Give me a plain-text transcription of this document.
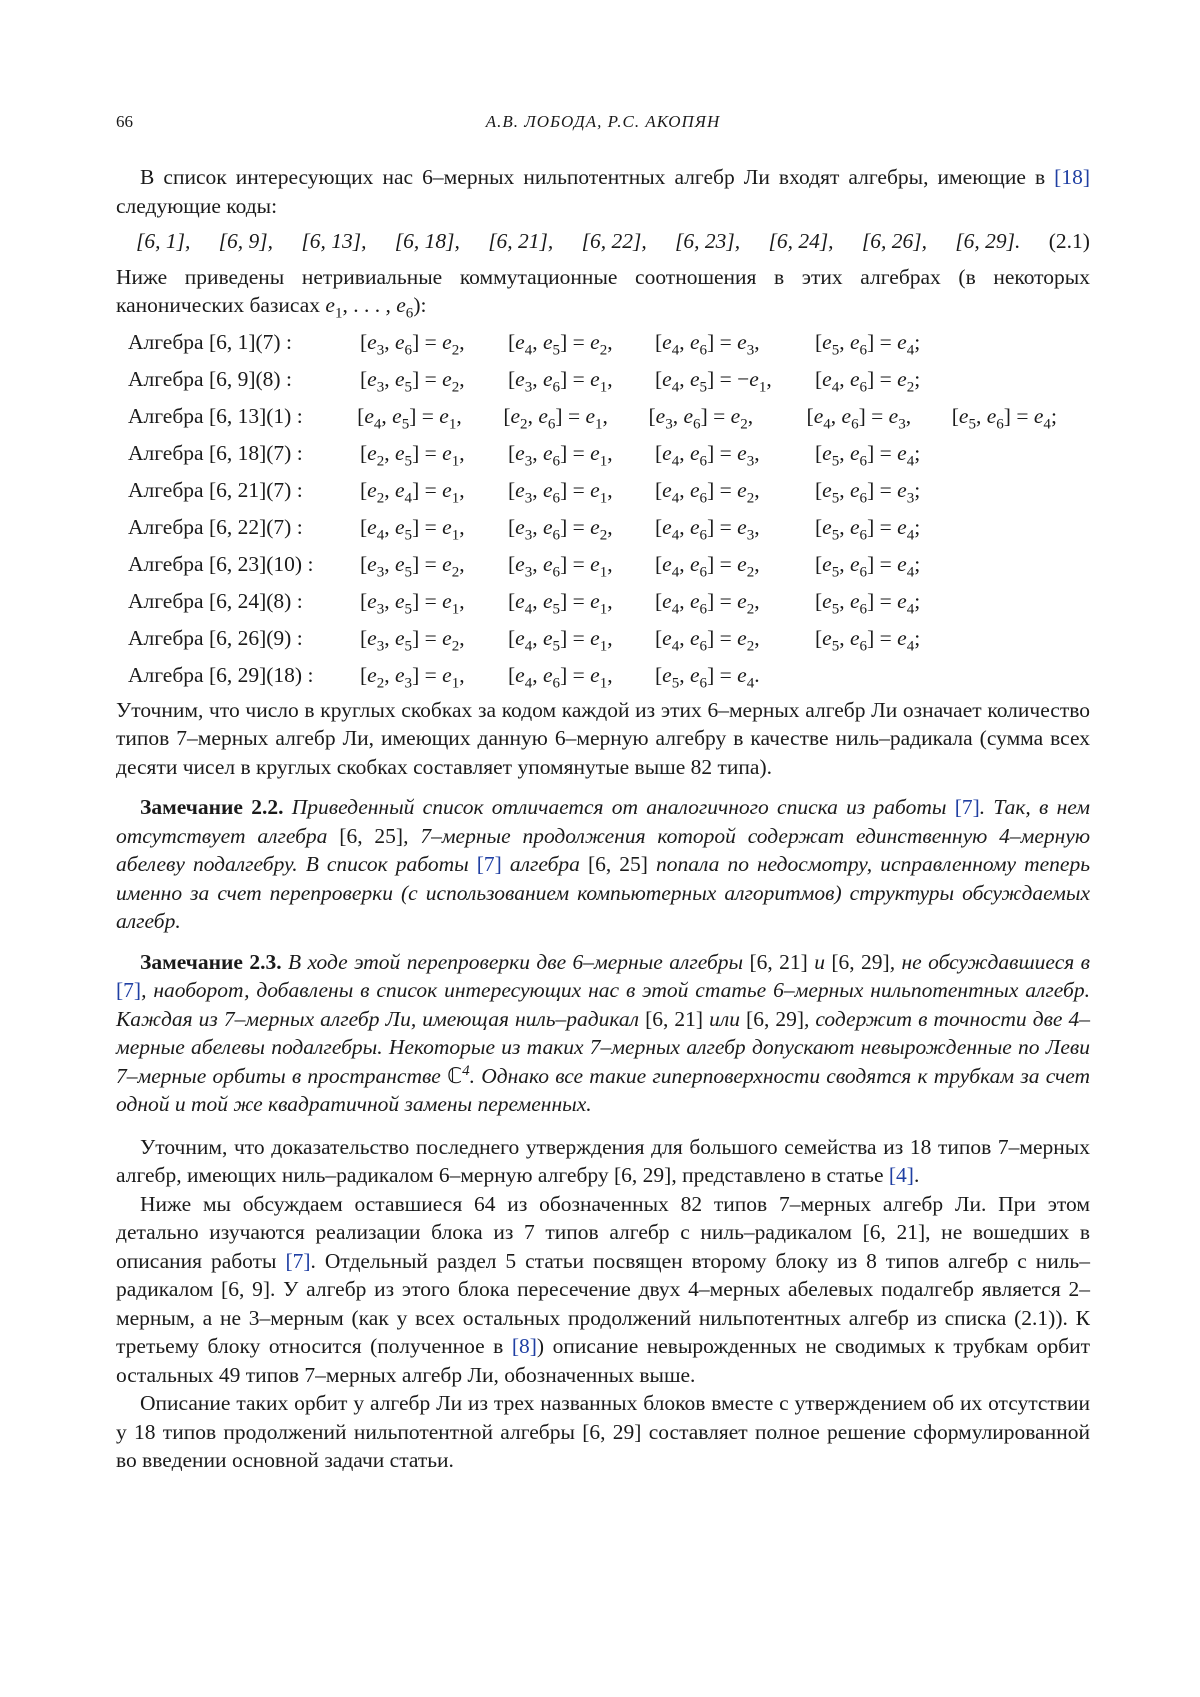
66	А.В. ЛОБОДА, Р.С. АКОПЯН

В список интересующих нас 6–мерных нильпотентных алгебр Ли входят алгебры, имеющие в [18] следующие коды:

[6, 1], [6, 9], [6, 13], [6, 18], [6, 21], [6, 22], [6, 23], [6, 24], [6, 26], [6, 29]. (2.1)

Ниже приведены нетривиальные коммутационные соотношения в этих алгебрах (в некоторых канонических базисах $e_1$, . . . , $e_6$):

Алгебра [6, 1](7) :	[$e_3$, $e_6] = e_2$,	[$e_4$, $e_5] = e_2$,	[$e_4$, $e_6] = e_3$,	[$e_5$, $e_6] = e_4$;
Алгебра [6, 9](8) :	[$e_3$, $e_5] = e_2$,	[$e_3$, $e_6] = e_1$,	[$e_4$, $e_5] = -e_1$,	[$e_4$, $e_6] = e_2$;
Алгебра [6, 13](1) :	[$e_4$, $e_5] = e_1$,	[$e_2$, $e_6] = e_1$,	[$e_3$, $e_6] = e_2$,	[$e_4$, $e_6] = e_3$,	[$e_5$, $e_6] = e_4$;
Алгебра [6, 18](7) :	[$e_2$, $e_5] = e_1$,	[$e_3$, $e_6] = e_1$,	[$e_4$, $e_6] = e_3$,	[$e_5$, $e_6] = e_4$;
Алгебра [6, 21](7) :	[$e_2$, $e_4] = e_1$,	[$e_3$, $e_6] = e_1$,	[$e_4$, $e_6] = e_2$,	[$e_5$, $e_6] = e_3$;
Алгебра [6, 22](7) :	[$e_4$, $e_5] = e_1$,	[$e_3$, $e_6] = e_2$,	[$e_4$, $e_6] = e_3$,	[$e_5$, $e_6] = e_4$;
Алгебра [6, 23](10) :	[$e_3$, $e_5] = e_2$,	[$e_3$, $e_6] = e_1$,	[$e_4$, $e_6] = e_2$,	[$e_5$, $e_6] = e_4$;
Алгебра [6, 24](8) :	[$e_3$, $e_5] = e_1$,	[$e_4$, $e_5] = e_1$,	[$e_4$, $e_6] = e_2$,	[$e_5$, $e_6] = e_4$;
Алгебра [6, 26](9) :	[$e_3$, $e_5] = e_2$,	[$e_4$, $e_5] = e_1$,	[$e_4$, $e_6] = e_2$,	[$e_5$, $e_6] = e_4$;
Алгебра [6, 29](18) :	[$e_2$, $e_3] = e_1$,	[$e_4$, $e_6] = e_1$,	[$e_5$, $e_6] = e_4$.

Уточним, что число в круглых скобках за кодом каждой из этих 6–мерных алгебр Ли означает количество типов 7–мерных алгебр Ли, имеющих данную 6–мерную алгебру в качестве ниль–радикала (сумма всех десяти чисел в круглых скобках составляет упомянутые выше 82 типа).

Замечание 2.2. Приведенный список отличается от аналогичного списка из работы [7]. Так, в нем отсутствует алгебра [6, 25], 7–мерные продолжения которой содержат единственную 4–мерную абелеву подалгебру. В список работы [7] алгебра [6, 25] попала по недосмотру, исправленному теперь именно за счет перепроверки (с использованием компьютерных алгоритмов) структуры обсуждаемых алгебр.

Замечание 2.3. В ходе этой перепроверки две 6–мерные алгебры [6, 21] и [6, 29], не обсуждавшиеся в [7], наоборот, добавлены в список интересующих нас в этой статье 6–мерных нильпотентных алгебр. Каждая из 7–мерных алгебр Ли, имеющая ниль–радикал [6, 21] или [6, 29], содержит в точности две 4–мерные абелевы подалгебры. Некоторые из таких 7–мерных алгебр допускают невырожденные по Леви 7–мерные орбиты в пространстве ℂ$^4$. Однако все такие гиперповерхности сводятся к трубкам за счет одной и той же квадратичной замены переменных.

Уточним, что доказательство последнего утверждения для большого семейства из 18 типов 7–мерных алгебр, имеющих ниль–радикалом 6–мерную алгебру [6, 29], представлено в статье [4].

Ниже мы обсуждаем оставшиеся 64 из обозначенных 82 типов 7–мерных алгебр Ли. При этом детально изучаются реализации блока из 7 типов алгебр с ниль–радикалом [6, 21], не вошедших в описания работы [7]. Отдельный раздел 5 статьи посвящен второму блоку из 8 типов алгебр с ниль–радикалом [6, 9]. У алгебр из этого блока пересечение двух 4–мерных абелевых подалгебр является 2–мерным, а не 3–мерным (как у всех остальных продолжений нильпотентных алгебр из списка (2.1)). К третьему блоку относится (полученное в [8]) описание невырожденных не сводимых к трубкам орбит остальных 49 типов 7–мерных алгебр Ли, обозначенных выше.

Описание таких орбит у алгебр Ли из трех названных блоков вместе с утверждением об их отсутствии у 18 типов продолжений нильпотентной алгебры [6, 29] составляет полное решение сформулированной во введении основной задачи статьи.
